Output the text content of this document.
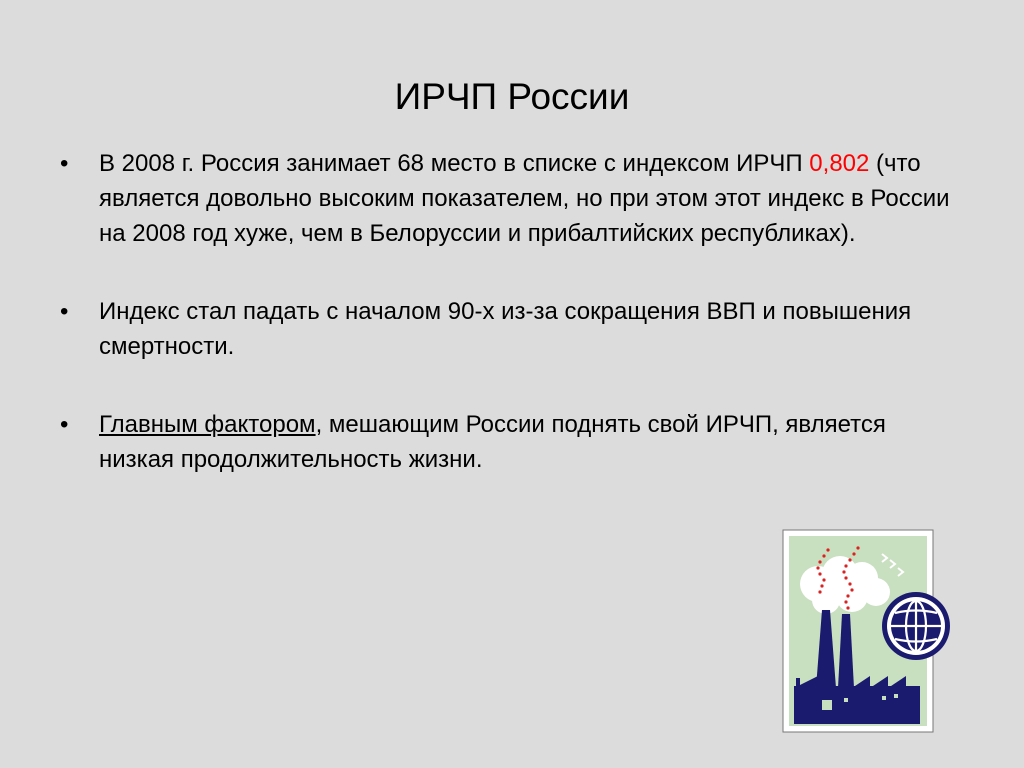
ИРЧП России
• В 2008 г. Россия занимает 68 место в списке с индексом ИРЧП 0,802 (что является довольно высоким показателем, но при этом этот индекс в России на 2008 год хуже, чем в Белоруссии и прибалтийских республиках).
• Индекс стал падать с началом 90-х из-за сокращения ВВП и повышения смертности.
• Главным фактором, мешающим России поднять свой ИРЧП, является низкая продолжительность жизни.
